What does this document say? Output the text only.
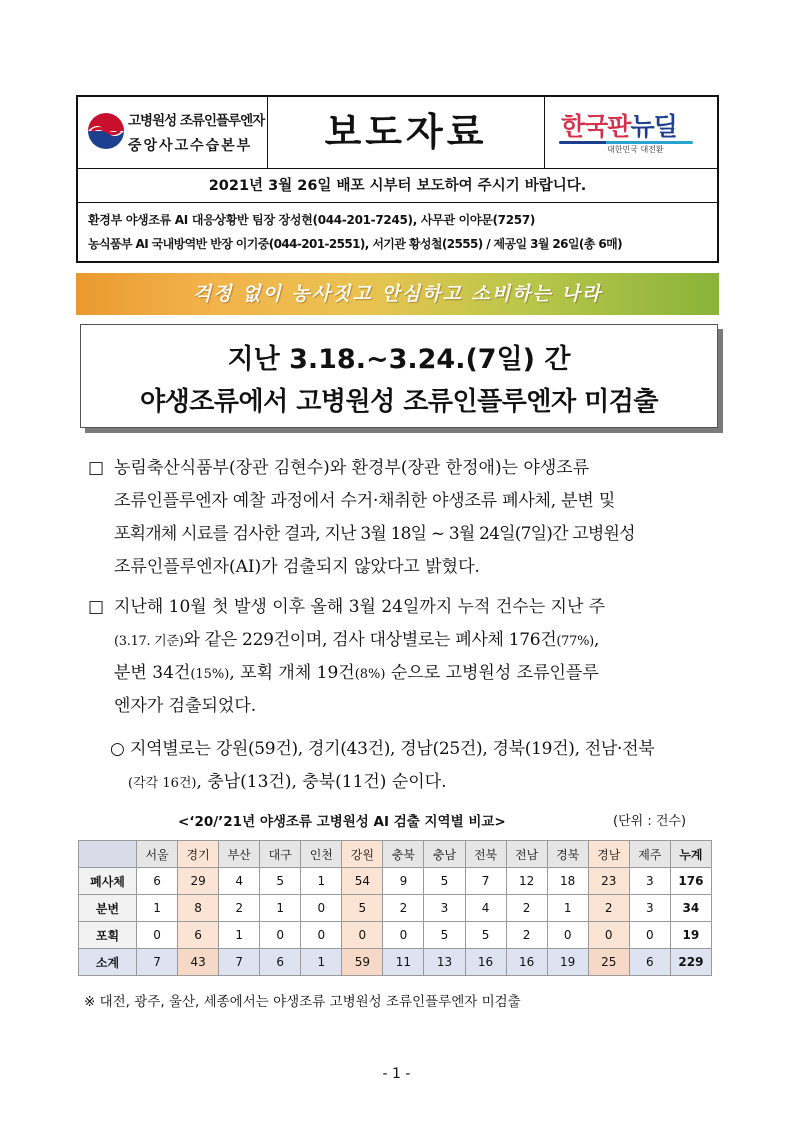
고병원성 조류인플루엔자
중앙사고수습본부	보도자료	한국판뉴딜
대한민국 대전환
2021년 3월 26일 배포 시부터 보도하여 주시기 바랍니다.
환경부 야생조류 AI 대응상황반 팀장 장성현(044-201-7245), 사무관 이야문(7257)
농식품부 AI 국내방역반 반장 이기중(044-201-2551), 서기관 황성철(2555) / 제공일 3월 26일(총 6매)
걱정 없이 농사짓고 안심하고 소비하는 나라
지난 3.18.~3.24.(7일) 간
야생조류에서 고병원성 조류인플루엔자 미검출
□ 농림축산식품부(장관 김현수)와 환경부(장관 한정애)는 야생조류
조류인플루엔자 예찰 과정에서 수거·채취한 야생조류 폐사체, 분변 및
포획개체 시료를 검사한 결과, 지난 3월 18일 ~ 3월 24일(7일)간 고병원성
조류인플루엔자(AI)가 검출되지 않았다고 밝혔다.
□ 지난해 10월 첫 발생 이후 올해 3월 24일까지 누적 건수는 지난 주
(3.17. 기준)와 같은 229건이며, 검사 대상별로는 폐사체 176건(77%),
분변 34건(15%), 포획 개체 19건(8%) 순으로 고병원성 조류인플루
엔자가 검출되었다.
○ 지역별로는 강원(59건), 경기(43건), 경남(25건), 경북(19건), 전남·전북
(각각 16건), 충남(13건), 충북(11건) 순이다.
<‘20/’21년 야생조류 고병원성 AI 검출 지역별 비교>	(단위 : 건수)
	서울	경기	부산	대구	인천	강원	충북	충남	전북	전남	경북	경남	제주	누계
폐사체	6	29	4	5	1	54	9	5	7	12	18	23	3	176
분변	1	8	2	1	0	5	2	3	4	2	1	2	3	34
포획	0	6	1	0	0	0	0	5	5	2	0	0	0	19
소계	7	43	7	6	1	59	11	13	16	16	19	25	6	229
※ 대전, 광주, 울산, 세종에서는 야생조류 고병원성 조류인플루엔자 미검출
- 1 -
